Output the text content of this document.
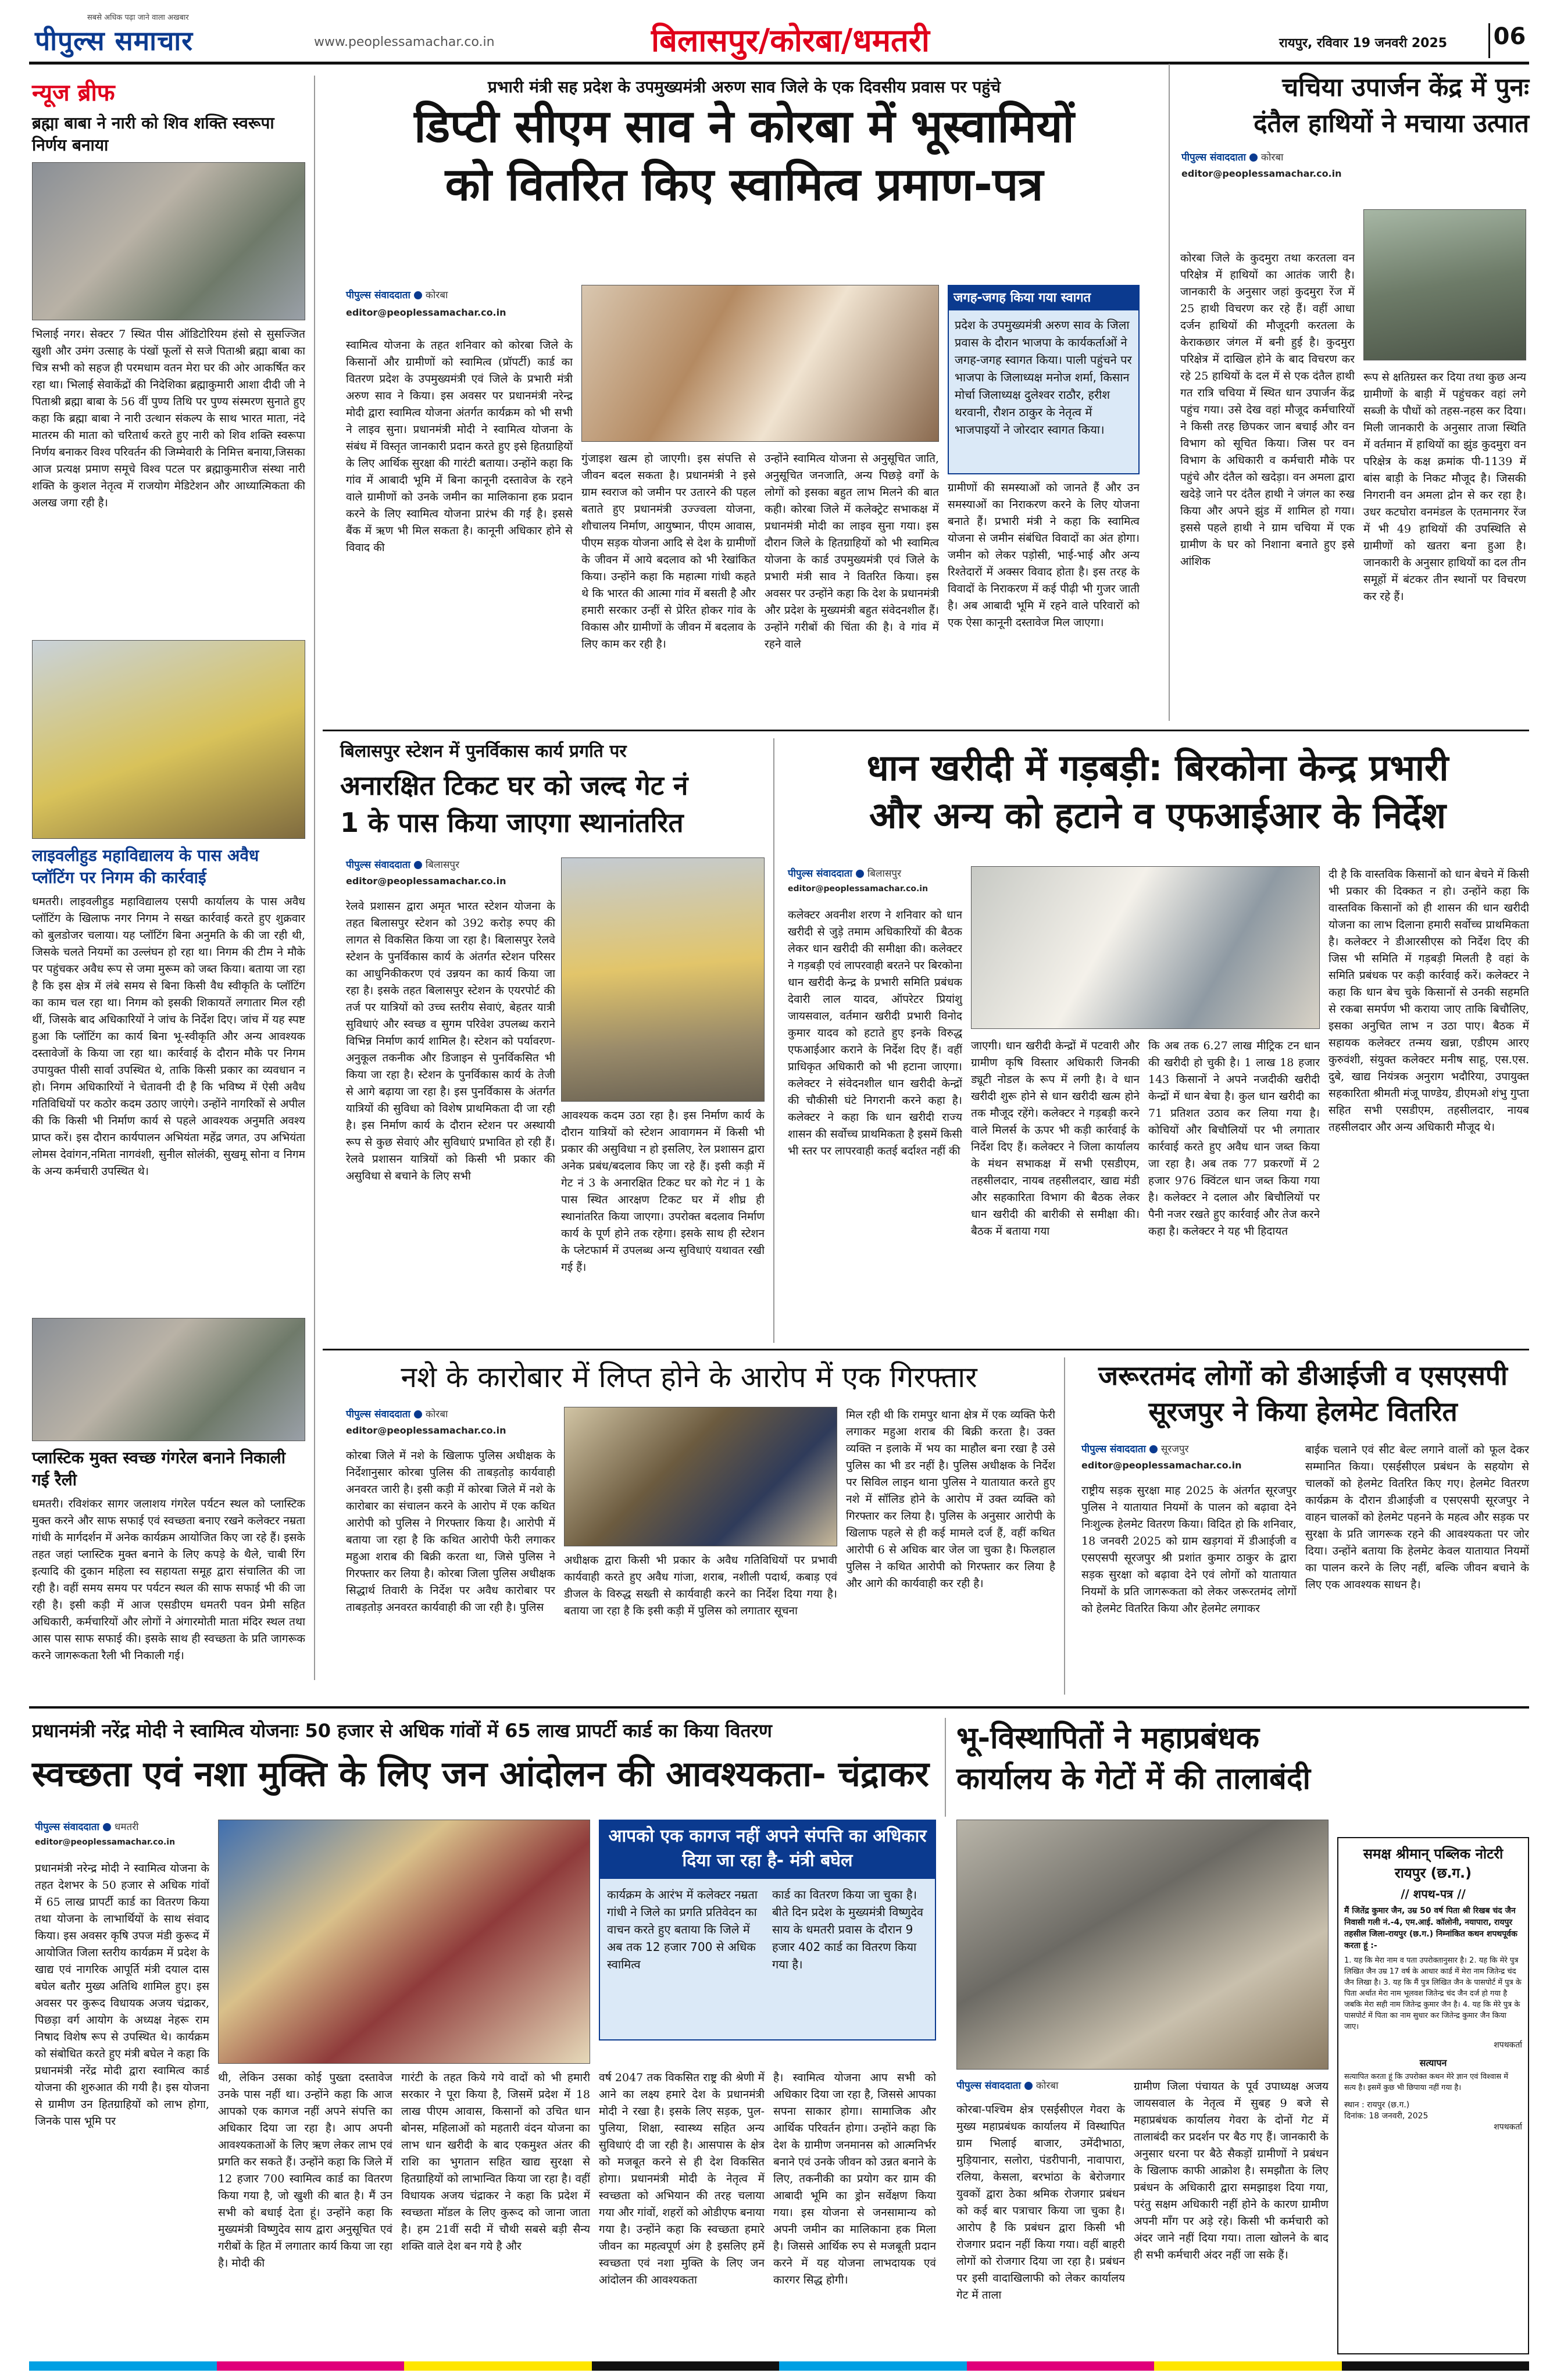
सबसे अधिक पढ़ा जाने वाला अखबार
पीपुल्स समाचार	www.peoplessamachar.co.in	बिलासपुर/कोरबा/धमतरी	रायपुर, रविवार 19 जनवरी 2025 06
न्यूज ब्रीफ
ब्रह्मा बाबा ने नारी को शिव शक्ति स्वरूपा निर्णय बनाया
भिलाई नगर। सेक्टर 7 स्थित पीस ऑडिटोरियम हंसो से सुसज्जित खुशी और उमंग उत्साह के पंखों फूलों से सजे पिताश्री ब्रह्मा बाबा का चित्र सभी को सहज ही परमधाम वतन मेरा घर की ओर आकर्षित कर रहा था। भिलाई सेवाकेंद्रों की निदेशिका ब्रह्माकुमारी आशा दीदी जी ने पिताश्री ब्रह्मा बाबा के 56 वीं पुण्य तिथि पर पुण्य संस्मरण सुनाते हुए कहा कि ब्रह्मा बाबा ने नारी उत्थान संकल्प के साथ भारत माता, नंदे मातरम की माता को चरितार्थ करते हुए नारी को शिव शक्ति स्वरूपा निर्णय बनाकर विश्व परिवर्तन की जिम्मेवारी के निमित्त बनाया,जिसका आज प्रत्यक्ष प्रमाण समूचे विश्व पटल पर ब्रह्माकुमारीज संस्था नारी शक्ति के कुशल नेतृत्व में राजयोग मेडिटेशन और आध्यात्मिकता की अलख जगा रही है।
लाइवलीहुड महाविद्यालय के पास अवैध प्लॉटिंग पर निगम की कार्रवाई
धमतरी। लाइवलीहुड महाविद्यालय एसपी कार्यालय के पास अवैध प्लॉटिंग के खिलाफ नगर निगम ने सख्त कार्रवाई करते हुए शुक्रवार को बुलडोजर चलाया। यह प्लॉटिंग बिना अनुमति के की जा रही थी, जिसके चलते नियमों का उल्लंघन हो रहा था। निगम की टीम ने मौके पर पहुंचकर अवैध रूप से जमा मुरूम को जब्त किया। बताया जा रहा है कि इस क्षेत्र में लंबे समय से बिना किसी वैध स्वीकृति के प्लॉटिंग का काम चल रहा था। निगम को इसकी शिकायतें लगातार मिल रही थीं, जिसके बाद अधिकारियों ने जांच के निर्देश दिए। जांच में यह स्पष्ट हुआ कि प्लॉटिंग का कार्य बिना भू-स्वीकृति और अन्य आवश्यक दस्तावेजों के किया जा रहा था। कार्रवाई के दौरान मौके पर निगम उपायुक्त पीसी सार्वा उपस्थित थे, ताकि किसी प्रकार का व्यवधान न हो। निगम अधिकारियों ने चेतावनी दी है कि भविष्य में ऐसी अवैध गतिविधियों पर कठोर कदम उठाए जाएंगे। उन्होंने नागरिकों से अपील की कि किसी भी निर्माण कार्य से पहले आवश्यक अनुमति अवश्य प्राप्त करें। इस दौरान कार्यपालन अभियंता महेंद्र जगत, उप अभियंता लोमस देवांगन,नमिता नागवंशी, सुनील सोलंकी, सुखमू सोना व निगम के अन्य कर्मचारी उपस्थित थे।
प्लास्टिक मुक्त स्वच्छ गंगरेल बनाने निकाली गई रैली
धमतरी। रविशंकर सागर जलाशय गंगरेल पर्यटन स्थल को प्लास्टिक मुक्त करने और साफ सफाई एवं स्वच्छता बनाए रखने कलेक्टर नम्रता गांधी के मार्गदर्शन में अनेक कार्यक्रम आयोजित किए जा रहे हैं। इसके तहत जहां प्लास्टिक मुक्त बनाने के लिए कपड़े के थैले, चाबी रिंग इत्यादि की दुकान महिला स्व सहायता समूह द्वारा संचालित की जा रही है। वहीं समय समय पर पर्यटन स्थल की साफ सफाई भी की जा रही है। इसी कड़ी में आज एसडीएम धमतरी पवन प्रेमी सहित अधिकारी, कर्मचारियों और लोगों ने अंगारमोती माता मंदिर स्थल तथा आस पास साफ सफाई की। इसके साथ ही स्वच्छता के प्रति जागरूक करने जागरूकता रैली भी निकाली गई।
प्रभारी मंत्री सह प्रदेश के उपमुख्यमंत्री अरुण साव जिले के एक दिवसीय प्रवास पर पहुंचे
डिप्टी सीएम साव ने कोरबा में भूस्वामियों
को वितरित किए स्वामित्व प्रमाण-पत्र
पीपुल्स संवाददाता कोरबा
editor@peoplessamachar.co.in
स्वामित्व योजना के तहत शनिवार को कोरबा जिले के किसानों और ग्रामीणों को स्वामित्व (प्रॉपर्टी) कार्ड का वितरण प्रदेश के उपमुख्यमंत्री एवं जिले के प्रभारी मंत्री अरुण साव ने किया। इस अवसर पर प्रधानमंत्री नरेन्द्र मोदी द्वारा स्वामित्व योजना अंतर्गत कार्यक्रम को भी सभी ने लाइव सुना। प्रधानमंत्री मोदी ने स्वामित्व योजना के संबंध में विस्तृत जानकारी प्रदान करते हुए इसे हितग्राहियों के लिए आर्थिक सुरक्षा की गारंटी बताया। उन्होंने कहा कि गांव में आबादी भूमि में बिना कानूनी दस्तावेज के रहने वाले ग्रामीणों को उनके जमीन का मालिकाना हक प्रदान करने के लिए स्वामित्व योजना प्रारंभ की गई है। इससे बैंक में ऋण भी मिल सकता है। कानूनी अधिकार होने से विवाद की
गुंजाइश खत्म हो जाएगी। इस संपत्ति से जीवन बदल सकता है। प्रधानमंत्री ने इसे ग्राम स्वराज को जमीन पर उतारने की पहल बताते हुए प्रधानमंत्री उज्ज्वला योजना, शौचालय निर्माण, आयुष्मान, पीएम आवास, पीएम सड़क योजना आदि से देश के ग्रामीणों के जीवन में आये बदलाव को भी रेखांकित किया। उन्होंने कहा कि महात्मा गांधी कहते थे कि भारत की आत्मा गांव में बसती है और हमारी सरकार उन्हीं से प्रेरित होकर गांव के विकास और ग्रामीणों के जीवन में बदलाव के लिए काम कर रही है।
उन्होंने स्वामित्व योजना से अनुसूचित जाति, अनुसूचित जनजाति, अन्य पिछड़े वर्गों के लोगों को इसका बहुत लाभ मिलने की बात कही। कोरबा जिले में कलेक्ट्रेट सभाकक्ष में प्रधानमंत्री मोदी का लाइव सुना गया। इस दौरान जिले के हितग्राहियों को भी स्वामित्व योजना के कार्ड उपमुख्यमंत्री एवं जिले के प्रभारी मंत्री साव ने वितरित किया। इस अवसर पर उन्होंने कहा कि देश के प्रधानमंत्री और प्रदेश के मुख्यमंत्री बहुत संवेदनशील हैं। उन्होंने गरीबों की चिंता की है। वे गांव में रहने वाले
जगह-जगह किया गया स्वागत
प्रदेश के उपमुख्यमंत्री अरुण साव के जिला प्रवास के दौरान भाजपा के कार्यकर्ताओं ने जगह-जगह स्वागत किया। पाली पहुंचने पर भाजपा के जिलाध्यक्ष मनोज शर्मा, किसान मोर्चा जिलाध्यक्ष दुलेश्वर राठौर, हरीश थरवानी, रौशन ठाकुर के नेतृत्व में भाजपाइयों ने जोरदार स्वागत किया।
ग्रामीणों की समस्याओं को जानते हैं और उन समस्याओं का निराकरण करने के लिए योजना बनाते हैं। प्रभारी मंत्री ने कहा कि स्वामित्व योजना से जमीन संबंधित विवादों का अंत होगा। जमीन को लेकर पड़ोसी, भाई-भाई और अन्य रिश्तेदारों में अक्सर विवाद होता है। इस तरह के विवादों के निराकरण में कई पीढ़ी भी गुजर जाती है। अब आबादी भूमि में रहने वाले परिवारों को एक ऐसा कानूनी दस्तावेज मिल जाएगा।
चचिया उपार्जन केंद्र में पुनः
दंतैल हाथियों ने मचाया उत्पात
पीपुल्स संवाददाता कोरबा
editor@peoplessamachar.co.in
कोरबा जिले के कुदमुरा तथा करतला वन परिक्षेत्र में हाथियों का आतंक जारी है। जानकारी के अनुसार जहां कुदमुरा रेंज में 25 हाथी विचरण कर रहे हैं। वहीं आधा दर्जन हाथियों की मौजूदगी करतला के केराकछार जंगल में बनी हुई है। कुदमुरा परिक्षेत्र में दाखिल होने के बाद विचरण कर रहे 25 हाथियों के दल में से एक दंतैल हाथी गत रात्रि चचिया में स्थित धान उपार्जन केंद्र पहुंच गया। उसे देख वहां मौजूद कर्मचारियों ने किसी तरह छिपकर जान बचाई और वन विभाग को सूचित किया। जिस पर वन विभाग के अधिकारी व कर्मचारी मौके पर पहुंचे और दंतैल को खदेड़ा। वन अमला द्वारा खदेड़े जाने पर दंतैल हाथी ने जंगल का रुख किया और अपने झुंड में शामिल हो गया। इससे पहले हाथी ने ग्राम चचिया में एक ग्रामीण के घर को निशाना बनाते हुए इसे आंशिक
रूप से क्षतिग्रस्त कर दिया तथा कुछ अन्य ग्रामीणों के बाड़ी में पहुंचकर वहां लगे सब्जी के पौधों को तहस-नहस कर दिया। मिली जानकारी के अनुसार ताजा स्थिति में वर्तमान में हाथियों का झुंड कुदमुरा वन परिक्षेत्र के कक्ष क्रमांक पी-1139 में बांस बाड़ी के निकट मौजूद है। जिसकी निगरानी वन अमला द्रोन से कर रहा है। उधर कटघोरा वनमंडल के एतमानगर रेंज में भी 49 हाथियों की उपस्थिति से ग्रामीणों को खतरा बना हुआ है। जानकारी के अनुसार हाथियों का दल तीन समूहों में बंटकर तीन स्थानों पर विचरण कर रहे हैं।
बिलासपुर स्टेशन में पुनर्विकास कार्य प्रगति पर
अनारक्षित टिकट घर को जल्द गेट नं
1 के पास किया जाएगा स्थानांतरित
पीपुल्स संवाददाता बिलासपुर
editor@peoplessamachar.co.in
रेलवे प्रशासन द्वारा अमृत भारत स्टेशन योजना के तहत बिलासपुर स्टेशन को 392 करोड़ रुपए की लागत से विकसित किया जा रहा है। बिलासपुर रेलवे स्टेशन के पुनर्विकास कार्य के अंतर्गत स्टेशन परिसर का आधुनिकीकरण एवं उन्नयन का कार्य किया जा रहा है। इसके तहत बिलासपुर स्टेशन के एयरपोर्ट की तर्ज पर यात्रियों को उच्च स्तरीय सेवाएं, बेहतर यात्री सुविधाएं और स्वच्छ व सुगम परिवेश उपलब्ध कराने विभिन्न निर्माण कार्य शामिल है। स्टेशन को पर्यावरण-अनुकूल तकनीक और डिजाइन से पुनर्विकसित भी किया जा रहा है। स्टेशन के पुनर्विकास कार्य के तेजी से आगे बढ़ाया जा रहा है। इस पुनर्विकास के अंतर्गत यात्रियों की सुविधा को विशेष प्राथमिकता दी जा रही है। इस निर्माण कार्य के दौरान स्टेशन पर अस्थायी रूप से कुछ सेवाएं और सुविधाएं प्रभावित हो रही हैं। रेलवे प्रशासन यात्रियों को किसी भी प्रकार की असुविधा से बचाने के लिए सभी
आवश्यक कदम उठा रहा है। इस निर्माण कार्य के दौरान यात्रियों को स्टेशन आवागमन में किसी भी प्रकार की असुविधा न हो इसलिए, रेल प्रशासन द्वारा अनेक प्रबंध/बदलाव किए जा रहे हैं। इसी कड़ी में गेट नं 3 के अनारक्षित टिकट घर को गेट नं 1 के पास स्थित आरक्षण टिकट घर में शीघ्र ही स्थानांतरित किया जाएगा। उपरोक्त बदलाव निर्माण कार्य के पूर्ण होने तक रहेगा। इसके साथ ही स्टेशन के प्लेटफार्म में उपलब्ध अन्य सुविधाएं यथावत रखी गई हैं।
धान खरीदी में गड़बड़ी: बिरकोना केन्द्र प्रभारी
और अन्य को हटाने व एफआईआर के निर्देश
पीपुल्स संवाददाता बिलासपुर
editor@peoplessamachar.co.in
कलेक्टर अवनीश शरण ने शनिवार को धान खरीदी से जुड़े तमाम अधिकारियों की बैठक लेकर धान खरीदी की समीक्षा की। कलेक्टर ने गड़बड़ी एवं लापरवाही बरतने पर बिरकोना धान खरीदी केन्द्र के प्रभारी समिति प्रबंधक देवारी लाल यादव, ऑपरेटर प्रियांशु जायसवाल, वर्तमान खरीदी प्रभारी विनोद कुमार यादव को हटाते हुए इनके विरुद्ध एफआईआर कराने के निर्देश दिए हैं। वहीं प्राधिकृत अधिकारी को भी हटाना जाएगा। कलेक्टर ने संवेदनशील धान खरीदी केन्द्रों की चौकीसी घंटे निगरानी करने कहा है। कलेक्टर ने कहा कि धान खरीदी राज्य शासन की सर्वोच्च प्राथमिकता है इसमें किसी भी स्तर पर लापरवाही कतई बर्दाश्त नहीं की
जाएगी। धान खरीदी केन्द्रों में पटवारी और ग्रामीण कृषि विस्तार अधिकारी जिनकी ड्यूटी नोडल के रूप में लगी है। वे धान खरीदी शुरू होने से धान खरीदी खत्म होने तक मौजूद रहेंगे। कलेक्टर ने गड़बड़ी करने वाले मिलर्स के ऊपर भी कड़ी कार्रवाई के निर्देश दिए हैं। कलेक्टर ने जिला कार्यालय के मंथन सभाकक्ष में सभी एसडीएम, तहसीलदार, नायब तहसीलदार, खाद्य मंडी और सहकारिता विभाग की बैठक लेकर धान खरीदी की बारीकी से समीक्षा की। बैठक में बताया गया
कि अब तक 6.27 लाख मीट्रिक टन धान की खरीदी हो चुकी है। 1 लाख 18 हजार 143 किसानों ने अपने नजदीकी खरीदी केन्द्रों में धान बेचा है। कुल धान खरीदी का 71 प्रतिशत उठाव कर लिया गया है। कोचियों और बिचौलियों पर भी लगातार कार्रवाई करते हुए अवैध धान जब्त किया जा रहा है। अब तक 77 प्रकरणों में 2 हजार 976 क्विंटल धान जब्त किया गया है। कलेक्टर ने दलाल और बिचौलियों पर पैनी नजर रखते हुए कार्रवाई और तेज करने कहा है। कलेक्टर ने यह भी हिदायत
दी है कि वास्तविक किसानों को धान बेचने में किसी भी प्रकार की दिक्कत न हो। उन्होंने कहा कि वास्तविक किसानों को ही शासन की धान खरीदी योजना का लाभ दिलाना हमारी सर्वोच्च प्राथमिकता है। कलेक्टर ने डीआरसीएस को निर्देश दिए की जिस भी समिति में गड़बड़ी मिलती है वहां के समिति प्रबंधक पर कड़ी कार्रवाई करें। कलेक्टर ने कहा कि धान बेच चुके किसानों से उनकी सहमति से रकबा समर्पण भी कराया जाए ताकि बिचौलिए, इसका अनुचित लाभ न उठा पाए। बैठक में सहायक कलेक्टर तन्मय खन्ना, एडीएम आरए कुरुवंशी, संयुक्त कलेक्टर मनीष साहू, एस.एस. दुबे, खाद्य नियंत्रक अनुराग भदौरिया, उपायुक्त सहकारिता श्रीमती मंजू पाण्डेय, डीएमओ शंभु गुप्ता सहित सभी एसडीएम, तहसीलदार, नायब तहसीलदार और अन्य अधिकारी मौजूद थे।
नशे के कारोबार में लिप्त होने के आरोप में एक गिरफ्तार
पीपुल्स संवाददाता कोरबा
editor@peoplessamachar.co.in
कोरबा जिले में नशे के खिलाफ पुलिस अधीक्षक के निर्देशानुसार कोरबा पुलिस की ताबड़तोड़ कार्यवाही अनवरत जारी है। इसी कड़ी में कोरबा जिले में नशे के कारोबार का संचालन करने के आरोप में एक कथित आरोपी को पुलिस ने गिरफ्तार किया है। आरोपी में बताया जा रहा है कि कथित आरोपी फेरी लगाकर महुआ शराब की बिक्री करता था, जिसे पुलिस ने गिरफ्तार कर लिया है। कोरबा जिला पुलिस अधीक्षक सिद्धार्थ तिवारी के निर्देश पर अवैध कारोबार पर ताबड़तोड़ अनवरत कार्यवाही की जा रही है। पुलिस
अधीक्षक द्वारा किसी भी प्रकार के अवैध गतिविधियों पर प्रभावी कार्यवाही करते हुए अवैध गांजा, शराब, नशीली पदार्थ, कबाड़ एवं डीजल के विरुद्ध सख्ती से कार्यवाही करने का निर्देश दिया गया है। बताया जा रहा है कि इसी कड़ी में पुलिस को लगातार सूचना
मिल रही थी कि रामपुर थाना क्षेत्र में एक व्यक्ति फेरी लगाकर महुआ शराब की बिक्री करता है। उक्त व्यक्ति न इलाके में भय का माहौल बना रखा है उसे पुलिस का भी डर नहीं है। पुलिस अधीक्षक के निर्देश पर सिविल लाइन थाना पुलिस ने यातायात करते हुए नशे में सॉलिड होने के आरोप में उक्त व्यक्ति को गिरफ्तार कर लिया है। पुलिस के अनुसार आरोपी के खिलाफ पहले से ही कई मामले दर्ज हैं, वहीं कथित आरोपी 6 से अधिक बार जेल जा चुका है। फिलहाल पुलिस ने कथित आरोपी को गिरफ्तार कर लिया है और आगे की कार्यवाही कर रही है।
जरूरतमंद लोगों को डीआईजी व एसएसपी
सूरजपुर ने किया हेलमेट वितरित
पीपुल्स संवाददाता सूरजपुर
editor@peoplessamachar.co.in
राष्ट्रीय सड़क सुरक्षा माह 2025 के अंतर्गत सूरजपुर पुलिस ने यातायात नियमों के पालन को बढ़ावा देने निःशुल्क हेलमेट वितरण किया। विदित हो कि शनिवार, 18 जनवरी 2025 को ग्राम खड़गवां में डीआईजी व एसएसपी सूरजपुर श्री प्रशांत कुमार ठाकुर के द्वारा सड़क सुरक्षा को बढ़ावा देने एवं लोगों को यातायात नियमों के प्रति जागरूकता को लेकर जरूरतमंद लोगों को हेलमेट वितरित किया और हेलमेट लगाकर
बाईक चलाने एवं सीट बेल्ट लगाने वालों को फूल देकर सम्मानित किया। एसईसीएल प्रबंधन के सहयोग से चालकों को हेलमेट वितरित किए गए। हेलमेट वितरण कार्यक्रम के दौरान डीआईजी व एसएसपी सूरजपुर ने वाहन चालकों को हेलमेट पहनने के महत्व और सड़क पर सुरक्षा के प्रति जागरूक रहने की आवश्यकता पर जोर दिया। उन्होंने बताया कि हेलमेट केवल यातायात नियमों का पालन करने के लिए नहीं, बल्कि जीवन बचाने के लिए एक आवश्यक साधन है।
प्रधानमंत्री नरेंद्र मोदी ने स्वामित्व योजनाः 50 हजार से अधिक गांवों में 65 लाख प्रापर्टी कार्ड का किया वितरण
स्वच्छता एवं नशा मुक्ति के लिए जन आंदोलन की आवश्यकता- चंद्राकर
पीपुल्स संवाददाता धमतरी
editor@peoplessamachar.co.in
प्रधानमंत्री नरेन्द्र मोदी ने स्वामित्व योजना के तहत देशभर के 50 हजार से अधिक गांवों में 65 लाख प्रापर्टी कार्ड का वितरण किया तथा योजना के लाभार्थियों के साथ संवाद किया। इस अवसर कृषि उपज मंडी कुरूद में आयोजित जिला स्तरीय कार्यक्रम में प्रदेश के खाद्य एवं नागरिक आपूर्ति मंत्री दयाल दास बघेल बतौर मुख्य अतिथि शामिल हुए। इस अवसर पर कुरूद विधायक अजय चंद्राकर, पिछड़ा वर्ग आयोग के अध्यक्ष नेहरू राम निषाद विशेष रूप से उपस्थित थे। कार्यक्रम को संबोधित करते हुए मंत्री बघेल ने कहा कि प्रधानमंत्री नरेंद्र मोदी द्वारा स्वामित्व कार्ड योजना की शुरुआत की गयी है। इस योजना से ग्रामीण उन हितग्राहियों को लाभ होगा, जिनके पास भूमि पर
थी, लेकिन उसका कोई पुख्ता दस्तावेज उनके पास नहीं था। उन्होंने कहा कि आज आपको एक कागज नहीं अपने संपत्ति का अधिकार दिया जा रहा है। आप अपनी आवश्यकताओं के लिए ऋण लेकर लाभ एवं प्रगति कर सकते हैं। उन्होंने कहा कि जिले में 12 हजार 700 स्वामित्व कार्ड का वितरण किया गया है, जो खुशी की बात है। मैं उन सभी को बधाई देता हूं। उन्होंने कहा कि मुख्यमंत्री विष्णुदेव साय द्वारा अनुसूचित एवं गरीबों के हित में लगातार कार्य किया जा रहा है। मोदी की
गारंटी के तहत किये गये वादों को भी हमारी सरकार ने पूरा किया है, जिसमें प्रदेश में 18 लाख पीएम आवास, किसानों को उचित धान बोनस, महिलाओं को महतारी वंदन योजना का लाभ धान खरीदी के बाद एकमुश्त अंतर की राशि का भुगतान सहित खाद्य सुरक्षा से हितग्राहियों को लाभान्वित किया जा रहा है। वहीं विधायक अजय चंद्राकर ने कहा कि प्रदेश में स्वच्छता मॉडल के लिए कुरूद को जाना जाता है। हम 21वीं सदी में चौथी सबसे बड़ी सैन्य शक्ति वाले देश बन गये है और
आपको एक कागज नहीं अपने संपत्ति का अधिकार दिया जा रहा है- मंत्री बघेल
कार्यक्रम के आरंभ में कलेक्टर नम्रता गांधी ने जिले का प्रगति प्रतिवेदन का वाचन करते हुए बताया कि जिले में अब तक 12 हजार 700 से अधिक स्वामित्व
कार्ड का वितरण किया जा चुका है। बीते दिन प्रदेश के मुख्यमंत्री विष्णुदेव साय के धमतरी प्रवास के दौरान 9 हजार 402 कार्ड का वितरण किया गया है।
वर्ष 2047 तक विकसित राष्ट्र की श्रेणी में आने का लक्ष्य हमारे देश के प्रधानमंत्री मोदी ने रखा है। इसके लिए सड़क, पुल-पुलिया, शिक्षा, स्वास्थ्य सहित अन्य सुविधाएं दी जा रही है। आसपास के क्षेत्र को मजबूत करने से ही देश विकसित होगा। प्रधानमंत्री मोदी के नेतृत्व में स्वच्छता को अभियान की तरह चलाया गया और गांवों, शहरों को ओडीएफ बनाया गया है। उन्होंने कहा कि स्वच्छता हमारे जीवन का महत्वपूर्ण अंग है इसलिए हमें स्वच्छता एवं नशा मुक्ति के लिए जन आंदोलन की आवश्यकता
है। स्वामित्व योजना आप सभी को अधिकार दिया जा रहा है, जिससे आपका सपना साकार होगा। सामाजिक और आर्थिक परिवर्तन होगा। उन्होंने कहा कि देश के ग्रामीण जनमानस को आत्मनिर्भर बनाने एवं उनके जीवन को उन्नत बनाने के लिए, तकनीकी का प्रयोग कर ग्राम की आबादी भूमि का ड्रोन सर्वेक्षण किया गया। इस योजना से जनसामान्य को अपनी जमीन का मालिकाना हक मिला है। जिससे आर्थिक रुप से मजबूती प्रदान करने में यह योजना लाभदायक एवं कारगर सिद्ध होगी।
भू-विस्थापितों ने महाप्रबंधक
कार्यालय के गेटों में की तालाबंदी
पीपुल्स संवाददाता कोरबा
कोरबा-पश्चिम क्षेत्र एसईसीएल गेवरा के मुख्य महाप्रबंधक कार्यालय में विस्थापित ग्राम भिलाई बाजार, उमेंदीभाठा, मुड़ियानार, सलोरा, पंडरीपानी, नावापारा, रलिया, केसला, बरभांठा के बेरोजगार युवकों द्वारा ठेका श्रमिक रोजगार प्रबंधन को कई बार पत्राचार किया जा चुका है। आरोप है कि प्रबंधन द्वारा किसी भी रोजगार प्रदान नहीं किया गया। वहीं बाहरी लोगों को रोजगार दिया जा रहा है। प्रबंधन पर इसी वादाखिलाफी को लेकर कार्यालय गेट में ताला
ग्रामीण जिला पंचायत के पूर्व उपाध्यक्ष अजय जायसवाल के नेतृत्व में सुबह 9 बजे से महाप्रबंधक कार्यालय गेवरा के दोनों गेट में तालाबंदी कर प्रदर्शन पर बैठ गए हैं। जानकारी के अनुसार धरना पर बैठे सैकड़ों ग्रामीणों ने प्रबंधन के खिलाफ काफी आक्रोश है। समझौता के लिए प्रबंधन के अधिकारी द्वारा समझाइश दिया गया, परंतु सक्षम अधिकारी नहीं होने के कारण ग्रामीण अपनी माँग पर अड़े रहे। किसी भी कर्मचारी को अंदर जाने नहीं दिया गया। ताला खोलने के बाद ही सभी कर्मचारी अंदर नहीं जा सके हैं।
समक्ष श्रीमान् पब्लिक नोटरी
रायपुर (छ.ग.)
// शपथ-पत्र //
मैं जितेंद्र कुमार जैन, उम्र 50 वर्ष पिता श्री रिखब चंद जैन निवासी गली नं.-4, एम.आई. कॉलोनी, नयापारा, रायपुर तहसील जिला-रायपुर (छ.ग.) निम्नांकित कथन शपथपूर्वक करता हूं :-
1. यह कि मेरा नाम व पता उपरोक्तानुसार है। 2. यह कि मेरे पुत्र लिखित जैन उम्र 17 वर्ष के आधार कार्ड में मेरा नाम जितेन्द्र चंद जैन लिखा है। 3. यह कि मैं पुत्र लिखित जैन के पासपोर्ट में पुत्र के पिता अर्थात मेरा नाम भूलवश जितेन्द्र चंद जैन दर्ज हो गया है जबकि मेरा सही नाम जितेन्द्र कुमार जैन है। 4. यह कि मेरे पुत्र के पासपोर्ट में पिता का नाम सुधार कर जितेन्द्र कुमार जैन किया जाए।
शपथकर्ता
सत्यापन
सत्यापित करता हूं कि उपरोक्त कथन मेरे ज्ञान एवं विश्वास में सत्य है। इसमें कुछ भी छिपाया नहीं गया है।
स्थान : रायपुर (छ.ग.)
दिनांक: 18 जनवरी, 2025
शपथकर्ता
